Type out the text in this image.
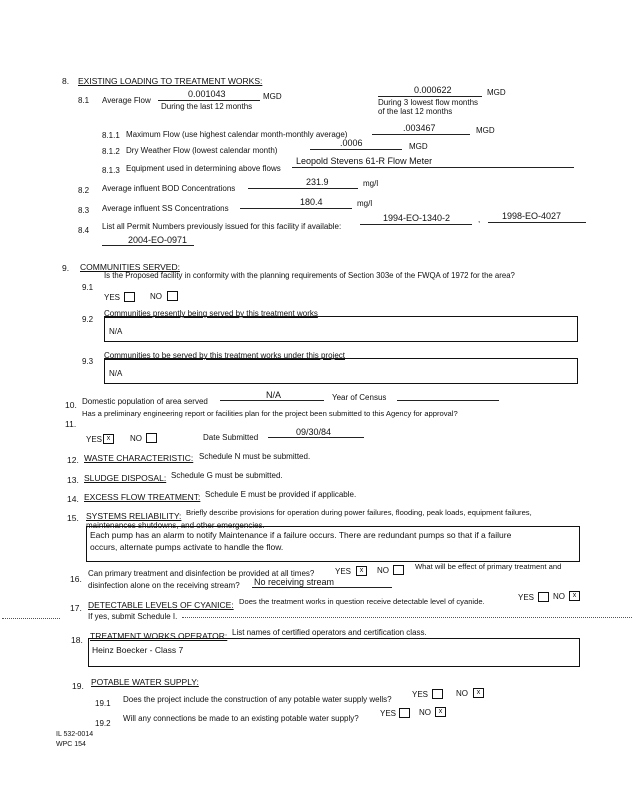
8. EXISTING LOADING TO TREATMENT WORKS:
8.1 Average Flow
0.001043	MGD
During the last 12 months
0.000622	MGD
During 3 lowest flow months
of the last 12 months
8.1.1 Maximum Flow (use highest calendar month-monthly average)
.003467	MGD
8.1.2 Dry Weather Flow (lowest calendar month)
.0006	MGD
8.1.3 Equipment used in determining above flows
Leopold Stevens 61-R Flow Meter
8.2 Average influent BOD Concentrations
231.9	mg/l
8.3 Average influent SS Concentrations
180.4	mg/l
8.4 List all Permit Numbers previously issued for this facility if available:
1994-EO-1340-2	, 1998-EO-4027
2004-EO-0971
9. COMMUNITIES SERVED:
9.1
Is the Proposed facility in conformity with the planning requirements of Section 303e of the FWQA of 1972 for the area?
YES	NO
9.2
Communities presently being served by this treatment works
N/A
9.3
Communities to be served by this treatment works under this project
N/A
10. Domestic population of area served
N/A	Year of Census
11.
Has a preliminary engineering report or facilities plan for the project been submitted to this Agency for approval?
YES x	NO	Date Submitted
09/30/84
12. WASTE CHARACTERISTIC: Schedule N must be submitted.
13. SLUDGE DISPOSAL: Schedule G must be submitted.
14. EXCESS FLOW TREATMENT: Schedule E must be provided if applicable.
15. SYSTEMS RELIABILITY: Briefly describe provisions for operation during power failures, flooding, peak loads, equipment failures,
maintenances shutdowns, and other emergencies.
Each pump has an alarm to notify Maintenance if a failure occurs. There are redundant pumps so that if a failure
occurs, alternate pumps activate to handle the flow.
16.
Can primary treatment and disinfection be provided at all times?	YES	x	NO	What will be effect of primary treatment and
disinfection alone on the receiving stream? No receiving stream
17. DETECTABLE LEVELS OF CYANICE: Does the treatment works in question receive detectable level of cyanide.	YES NO	x
If yes, submit Schedule I.
18. TREATMENT WORKS OPERATOR: List names of certified operators and certification class.
Heinz Boecker - Class 7
19. POTABLE WATER SUPPLY:
19.1 Does the project include the construction of any potable water supply wells?
YES	NO	x
19.2
Will any connections be made to an existing potable water supply?
YES	NO	x
IL 532-0014
WPC 154
